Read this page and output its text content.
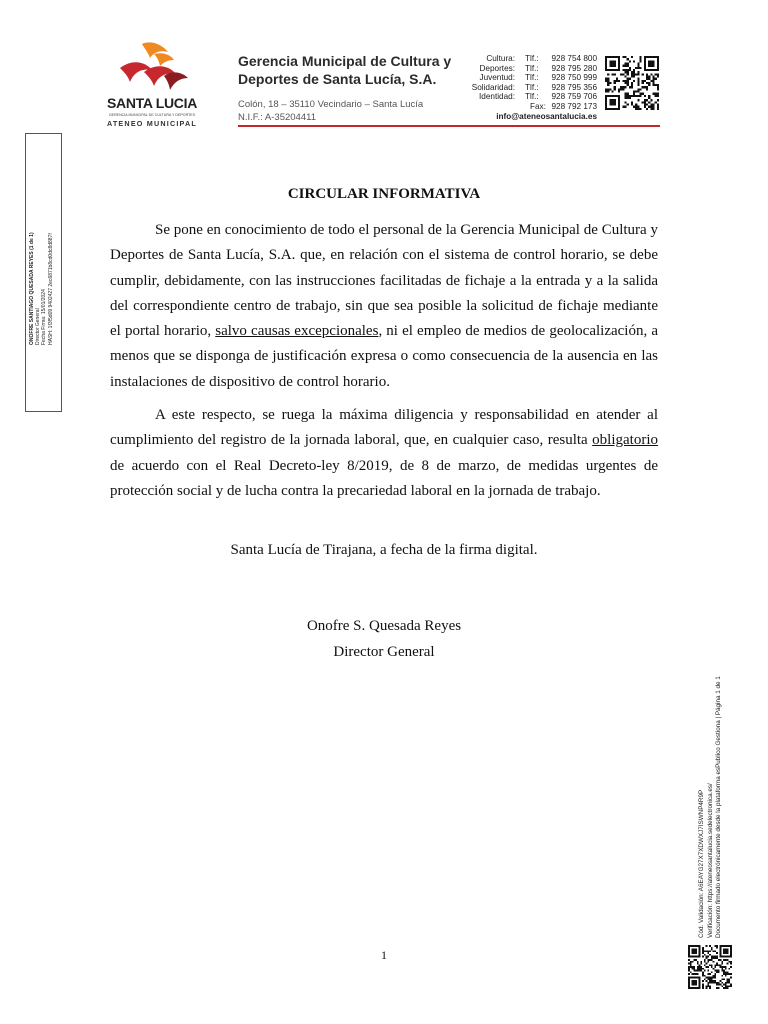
SANTA LUCIA
GERENCIA MUNICIPAL DE CULTURA Y DEPORTES
ATENEO MUNICIPAL
Gerencia Municipal de Cultura y
Deportes de Santa Lucía, S.A.
Colón, 18 – 35110 Vecindario – Santa Lucía
N.I.F.: A-35204411
Cultura: Tlf.: 928 754 800
Deportes: Tlf.: 928 795 280
Juventud: Tlf.: 928 750 999
Solidaridad: Tlf.: 928 795 356
Identidad: Tlf.: 928 759 706
Fax: 928 792 173
info@ateneosantalucia.es
ONOFRE SANTIAGO QUESADA REYES (1 de 1) Director General Fecha Firma: 15/01/2024 HASH: 1f3f5d09 9402427 2ec6871b8cd0dc8d887f
CIRCULAR INFORMATIVA

Se pone en conocimiento de todo el personal de la Gerencia Municipal de Cultura y Deportes de Santa Lucía, S.A. que, en relación con el sistema de control horario, se debe cumplir, debidamente, con las instrucciones facilitadas de fichaje a la entrada y a la salida del correspondiente centro de trabajo, sin que sea posible la solicitud de fichaje mediante el portal horario, salvo causas excepcionales, ni el empleo de medios de geolocalización, a menos que se disponga de justificación expresa o como consecuencia de la ausencia en las instalaciones de dispositivo de control horario.

A este respecto, se ruega la máxima diligencia y responsabilidad en atender al cumplimiento del registro de la jornada laboral, que, en cualquier caso, resulta obligatorio de acuerdo con el Real Decreto-ley 8/2019, de 8 de marzo, de medidas urgentes de protección social y de lucha contra la precariedad laboral en la jornada de trabajo.

Santa Lucía de Tirajana, a fecha de la firma digital.
Onofre S. Quesada Reyes
Director General
1
Cód. Validación: A6EAYG27X7XDWXJ7ISWNP4R9P Verificación: https://ateneosantalucia.sedelectronica.es/ Documento firmado electrónicamente desde la plataforma esPublico Gestiona | Página 1 de 1
